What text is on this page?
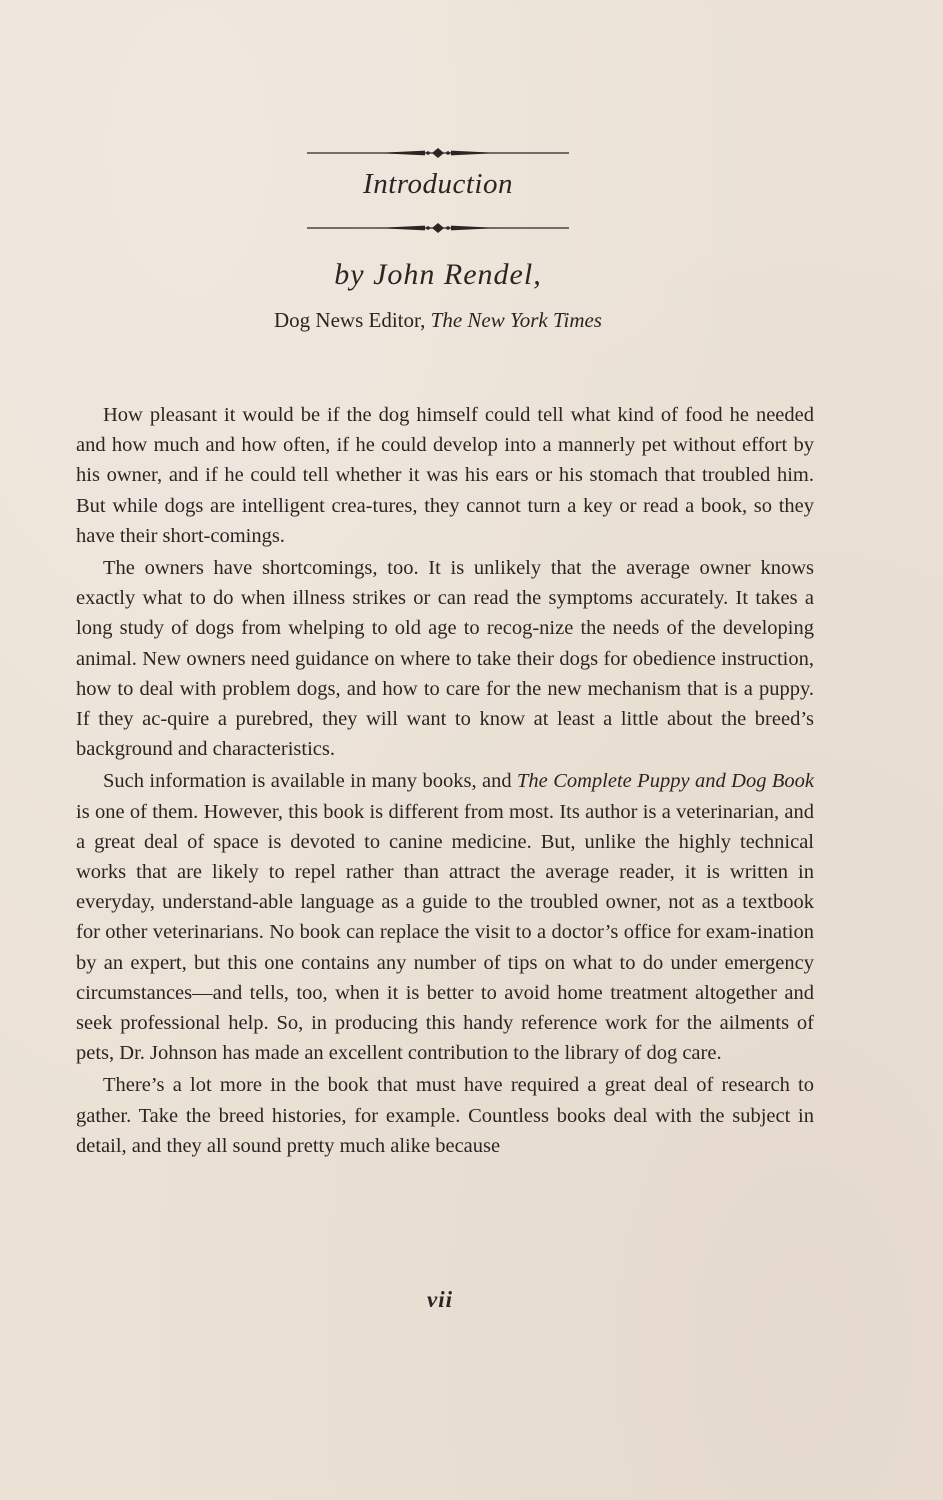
Introduction
by John Rendel,
Dog News Editor, The New York Times

How pleasant it would be if the dog himself could tell what kind of food he needed and how much and how often, if he could develop into a mannerly pet without effort by his owner, and if he could tell whether it was his ears or his stomach that troubled him. But while dogs are intelligent crea-tures, they cannot turn a key or read a book, so they have their short-comings.

The owners have shortcomings, too. It is unlikely that the average owner knows exactly what to do when illness strikes or can read the symptoms accurately. It takes a long study of dogs from whelping to old age to recog-nize the needs of the developing animal. New owners need guidance on where to take their dogs for obedience instruction, how to deal with problem dogs, and how to care for the new mechanism that is a puppy. If they ac-quire a purebred, they will want to know at least a little about the breed’s background and characteristics.

Such information is available in many books, and The Complete Puppy and Dog Book is one of them. However, this book is different from most. Its author is a veterinarian, and a great deal of space is devoted to canine medicine. But, unlike the highly technical works that are likely to repel rather than attract the average reader, it is written in everyday, understand-able language as a guide to the troubled owner, not as a textbook for other veterinarians. No book can replace the visit to a doctor’s office for exam-ination by an expert, but this one contains any number of tips on what to do under emergency circumstances—and tells, too, when it is better to avoid home treatment altogether and seek professional help. So, in producing this handy reference work for the ailments of pets, Dr. Johnson has made an excellent contribution to the library of dog care.

There’s a lot more in the book that must have required a great deal of research to gather. Take the breed histories, for example. Countless books deal with the subject in detail, and they all sound pretty much alike because

vii
